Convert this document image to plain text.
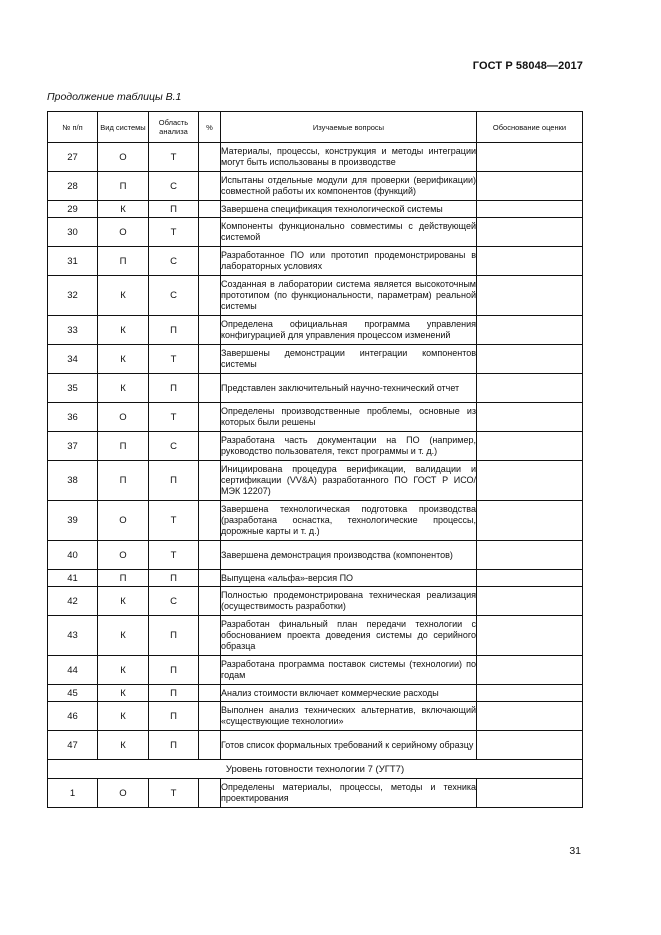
ГОСТ Р 58048—2017
Продолжение таблицы В.1
№ п/п	Вид системы	Область анализа	%	Изучаемые вопросы	Обоснование оценки
27	О	Т		Материалы, процессы, конструкция и методы интеграции могут быть использованы в производстве	
28	П	С		Испытаны отдельные модули для проверки (верификации) совместной работы их компонентов (функций)	
29	К	П		Завершена спецификация технологической системы	
30	О	Т		Компоненты функционально совместимы с действующей системой	
31	П	С		Разработанное ПО или прототип продемонстрированы в лабораторных условиях	
32	К	С		Созданная в лаборатории система является высокоточным прототипом (по функциональности, параметрам) реальной системы	
33	К	П		Определена официальная программа управления конфигурацией для управления процессом изменений	
34	К	Т		Завершены демонстрации интеграции компонентов системы	
35	К	П		Представлен заключительный научно-технический отчет	
36	О	Т		Определены производственные проблемы, основные из которых были решены	
37	П	С		Разработана часть документации на ПО (например, руководство пользователя, текст программы и т. д.)	
38	П	П		Инициирована процедура верификации, валидации и сертификации (VV&A) разработанного ПО ГОСТ Р ИСО/МЭК 12207)	
39	О	Т		Завершена технологическая подготовка производства (разработана оснастка, технологические процессы, дорожные карты и т. д.)	
40	О	Т		Завершена демонстрация производства (компонентов)	
41	П	П		Выпущена «альфа»-версия ПО	
42	К	С		Полностью продемонстрирована техническая реализация (осуществимость разработки)	
43	К	П		Разработан финальный план передачи технологии с обоснованием проекта доведения системы до серийного образца	
44	К	П		Разработана программа поставок системы (технологии) по годам	
45	К	П		Анализ стоимости включает коммерческие расходы	
46	К	П		Выполнен анализ технических альтернатив, включающий «существующие технологии»	
47	К	П		Готов список формальных требований к серийному образцу	
Уровень готовности технологии 7 (УГТ7)					
1	О	Т		Определены материалы, процессы, методы и техника проектирования	
31
